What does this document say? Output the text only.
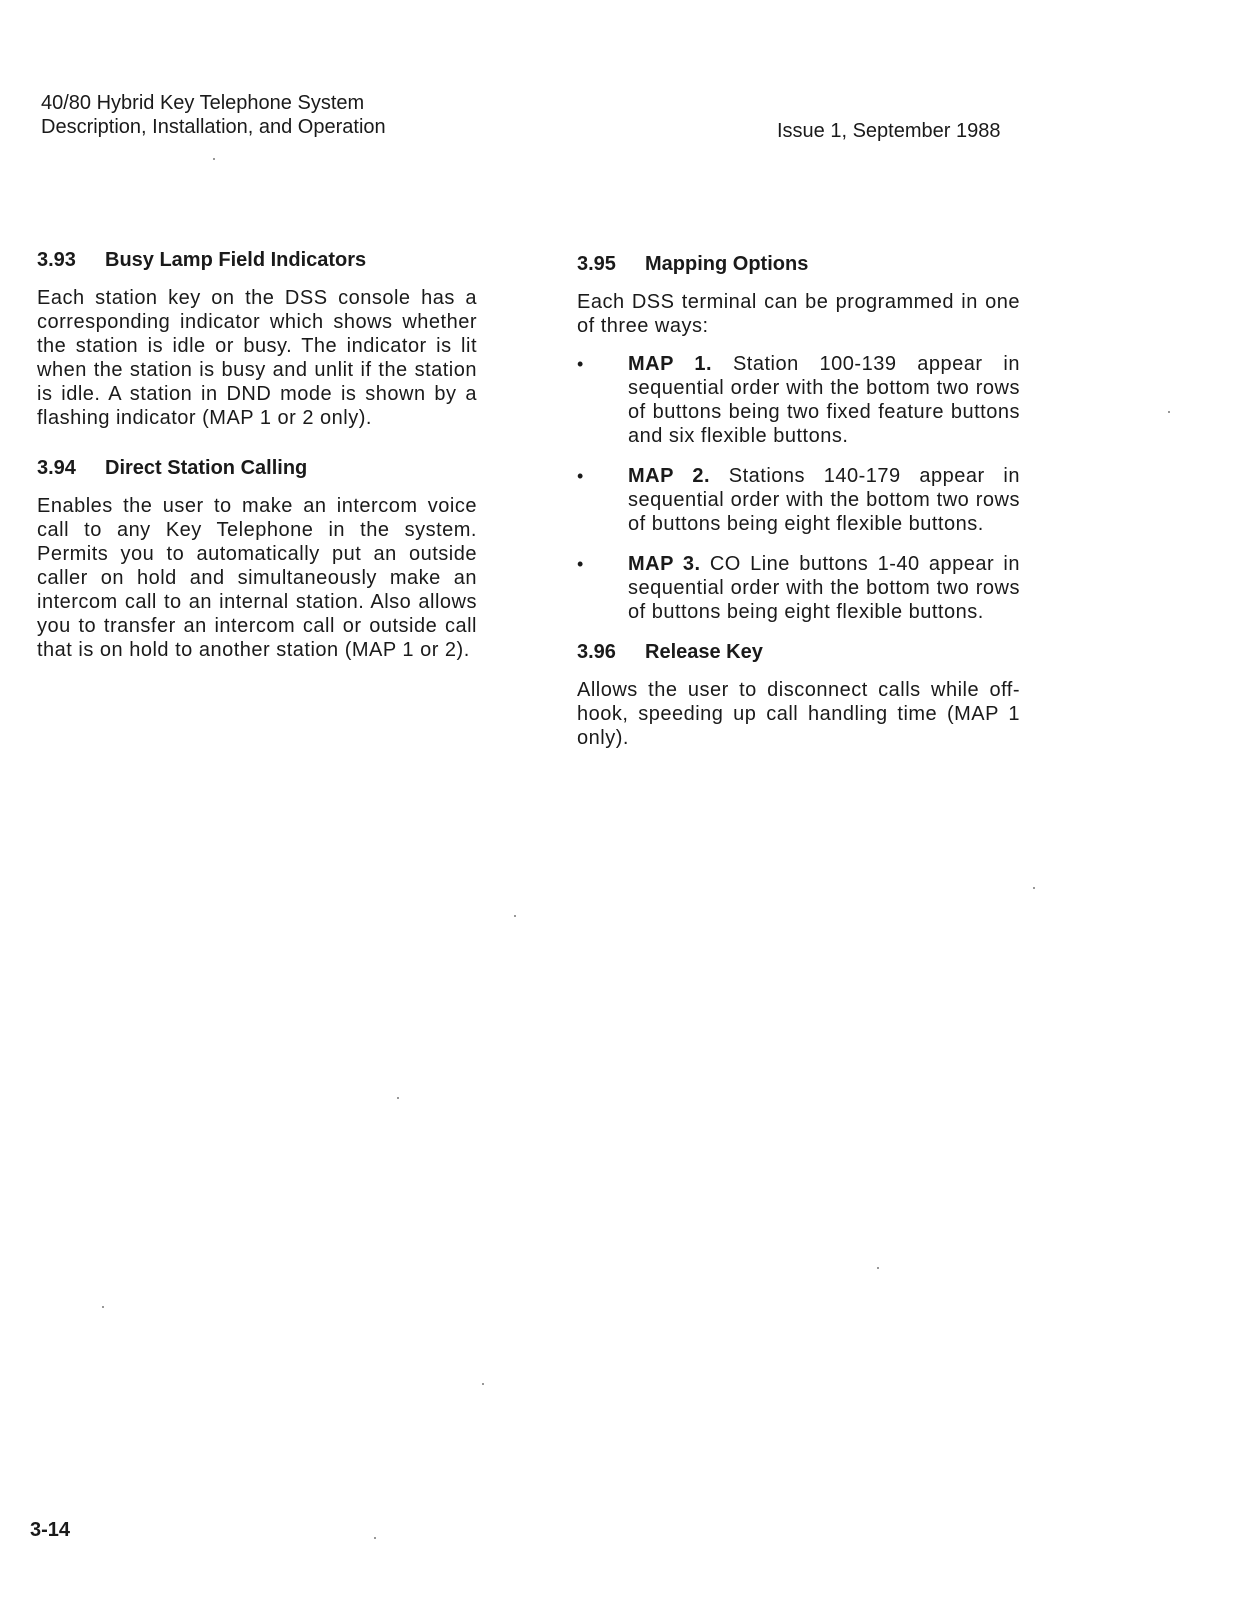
40/80 Hybrid Key Telephone System
Description, Installation, and Operation	Issue 1, September 1988
3.93 Busy Lamp Field Indicators
Each station key on the DSS console has a corresponding indicator which shows whether the station is idle or busy. The indicator is lit when the station is busy and unlit if the station is idle. A station in DND mode is shown by a flashing indicator (MAP 1 or 2 only).
3.94 Direct Station Calling
Enables the user to make an intercom voice call to any Key Telephone in the system. Permits you to automatically put an outside caller on hold and simultaneously make an intercom call to an internal station. Also allows you to transfer an intercom call or outside call that is on hold to another station (MAP 1 or 2).
3.95 Mapping Options
Each DSS terminal can be programmed in one of three ways:
• MAP 1. Station 100-139 appear in sequential order with the bottom two rows of buttons being two fixed feature buttons and six flexible buttons.
• MAP 2. Stations 140-179 appear in sequential order with the bottom two rows of buttons being eight flexible buttons.
• MAP 3. CO Line buttons 1-40 appear in sequential order with the bottom two rows of buttons being eight flexible buttons.
3.96 Release Key
Allows the user to disconnect calls while off-hook, speeding up call handling time (MAP 1 only).
3-14
